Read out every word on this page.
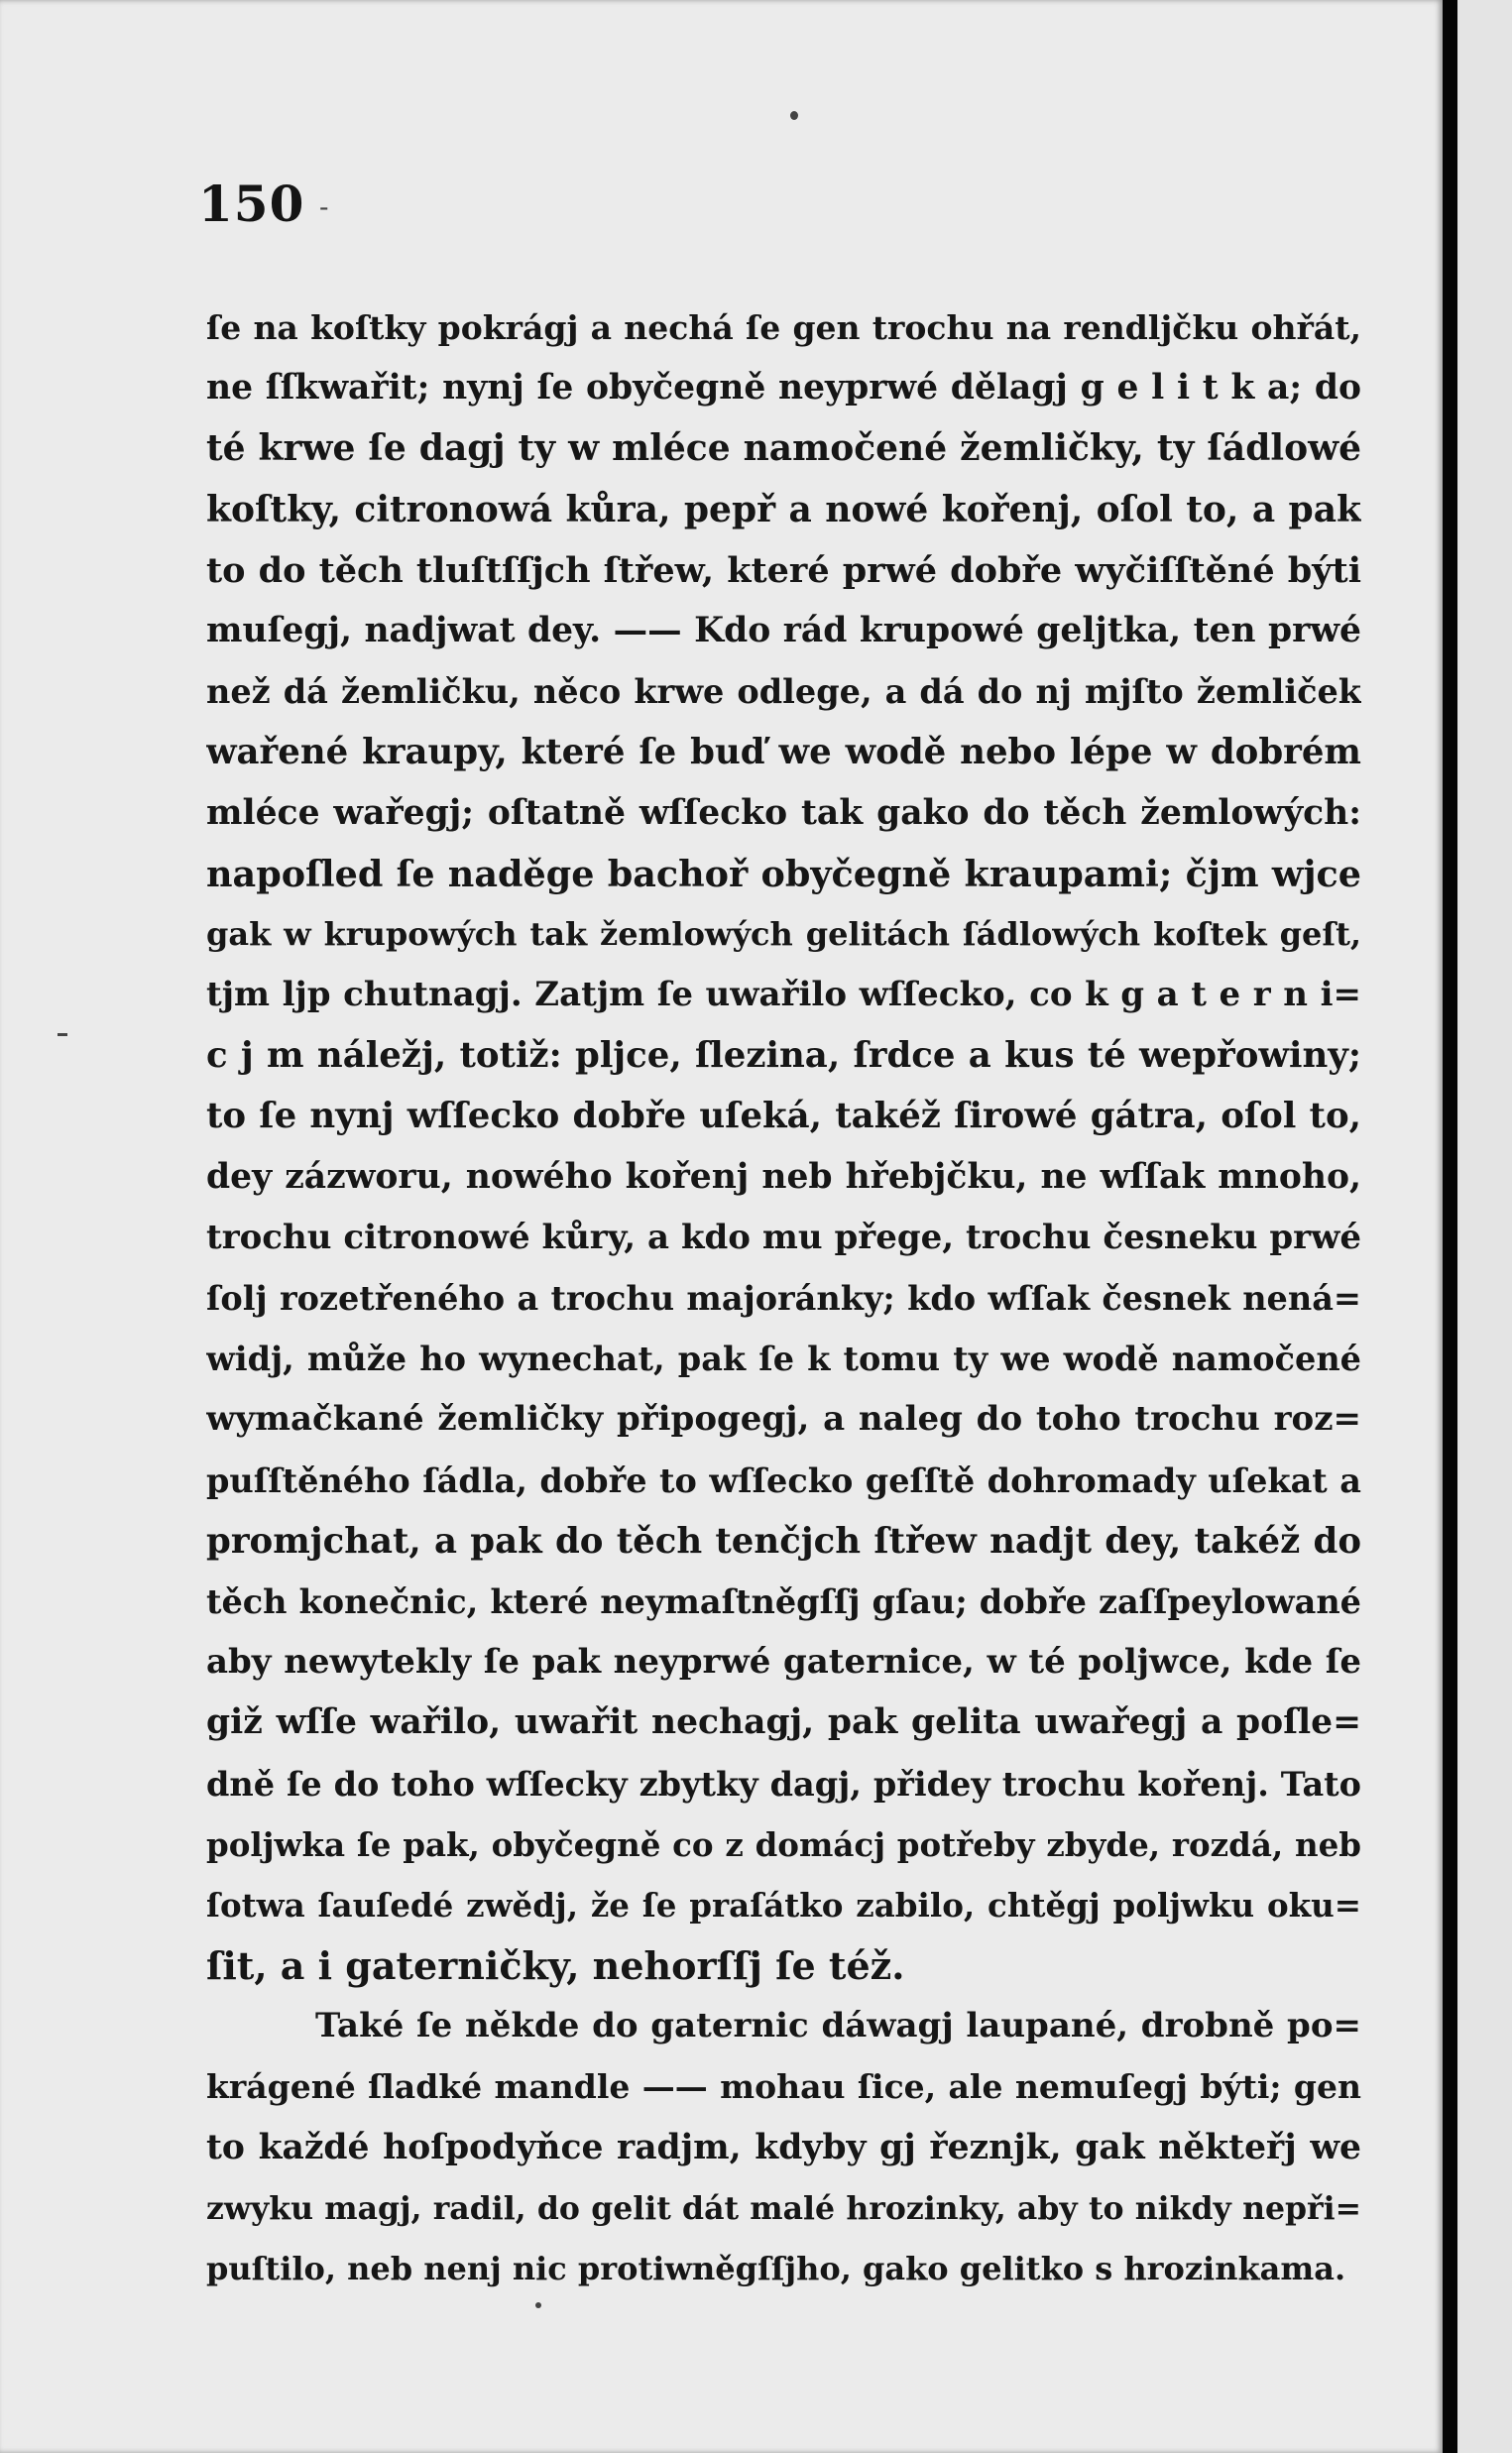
150 -
ſe na koſtky pokrágj a nechá ſe gen trochu na rendljčku ohřát,
ne ſſkwařit; nynj ſe obyčegně neyprwé dělagj g e l i t k a; do
té krwe ſe dagj ty w mléce namočené žemličky, ty ſádlowé
koſtky, citronowá kůra, pepř a nowé kořenj, oſol to, a pak
to do těch tluſtſſjch ſtřew, které prwé dobře wyčiſſtěné býti
muſegj, nadjwat dey. —— Kdo rád krupowé geljtka, ten prwé
než dá žemličku, něco krwe odlege, a dá do nj mjſto žemliček
wařené kraupy, které ſe buď we wodě nebo lépe w dobrém
mléce wařegj; oſtatně wſſecko tak gako do těch žemlowých:
napoſled ſe naděge bachoř obyčegně kraupami; čjm wjce
gak w krupowých tak žemlowých gelitách ſádlowých koſtek geſt,
tjm ljp chutnagj. Zatjm ſe uwařilo wſſecko, co k g a t e r n i=
c j m náležj, totiž: pljce, ſlezina, ſrdce a kus té wepřowiny;
to ſe nynj wſſecko dobře uſeká, takéž ſirowé gátra, oſol to,
dey zázworu, nowého kořenj neb hřebjčku, ne wſſak mnoho,
trochu citronowé kůry, a kdo mu přege, trochu česneku prwé
ſolj rozetřeného a trochu majoránky; kdo wſſak česnek nená=
widj, může ho wynechat, pak ſe k tomu ty we wodě namočené
wymačkané žemličky připogegj, a naleg do toho trochu roz=
puſſtěného ſádla, dobře to wſſecko geſſtě dohromady uſekat a
promjchat, a pak do těch tenčjch ſtřew nadjt dey, takéž do
těch konečnic, které neymaſtněgſſj gſau; dobře zaſſpeylowané
aby newytekly ſe pak neyprwé gaternice, w té poljwce, kde ſe
giž wſſe wařilo, uwařit nechagj, pak gelita uwařegj a poſle=
dně ſe do toho wſſecky zbytky dagj, přidey trochu kořenj. Tato
poljwka ſe pak, obyčegně co z domácj potřeby zbyde, rozdá, neb
ſotwa ſauſedé zwědj, že ſe praſátko zabilo, chtěgj poljwku oku=
ſit, a i gaterničky, nehorſſj ſe též.
Také ſe někde do gaternic dáwagj laupané, drobně po=
krágené ſladké mandle —— mohau ſice, ale nemuſegj býti; gen
to každé hoſpodyňce radjm, kdyby gj řeznjk, gak někteřj we
zwyku magj, radil, do gelit dát malé hrozinky, aby to nikdy nepři=
puſtilo, neb nenj nic protiwněgſſjho, gako gelitko s hrozinkama.
